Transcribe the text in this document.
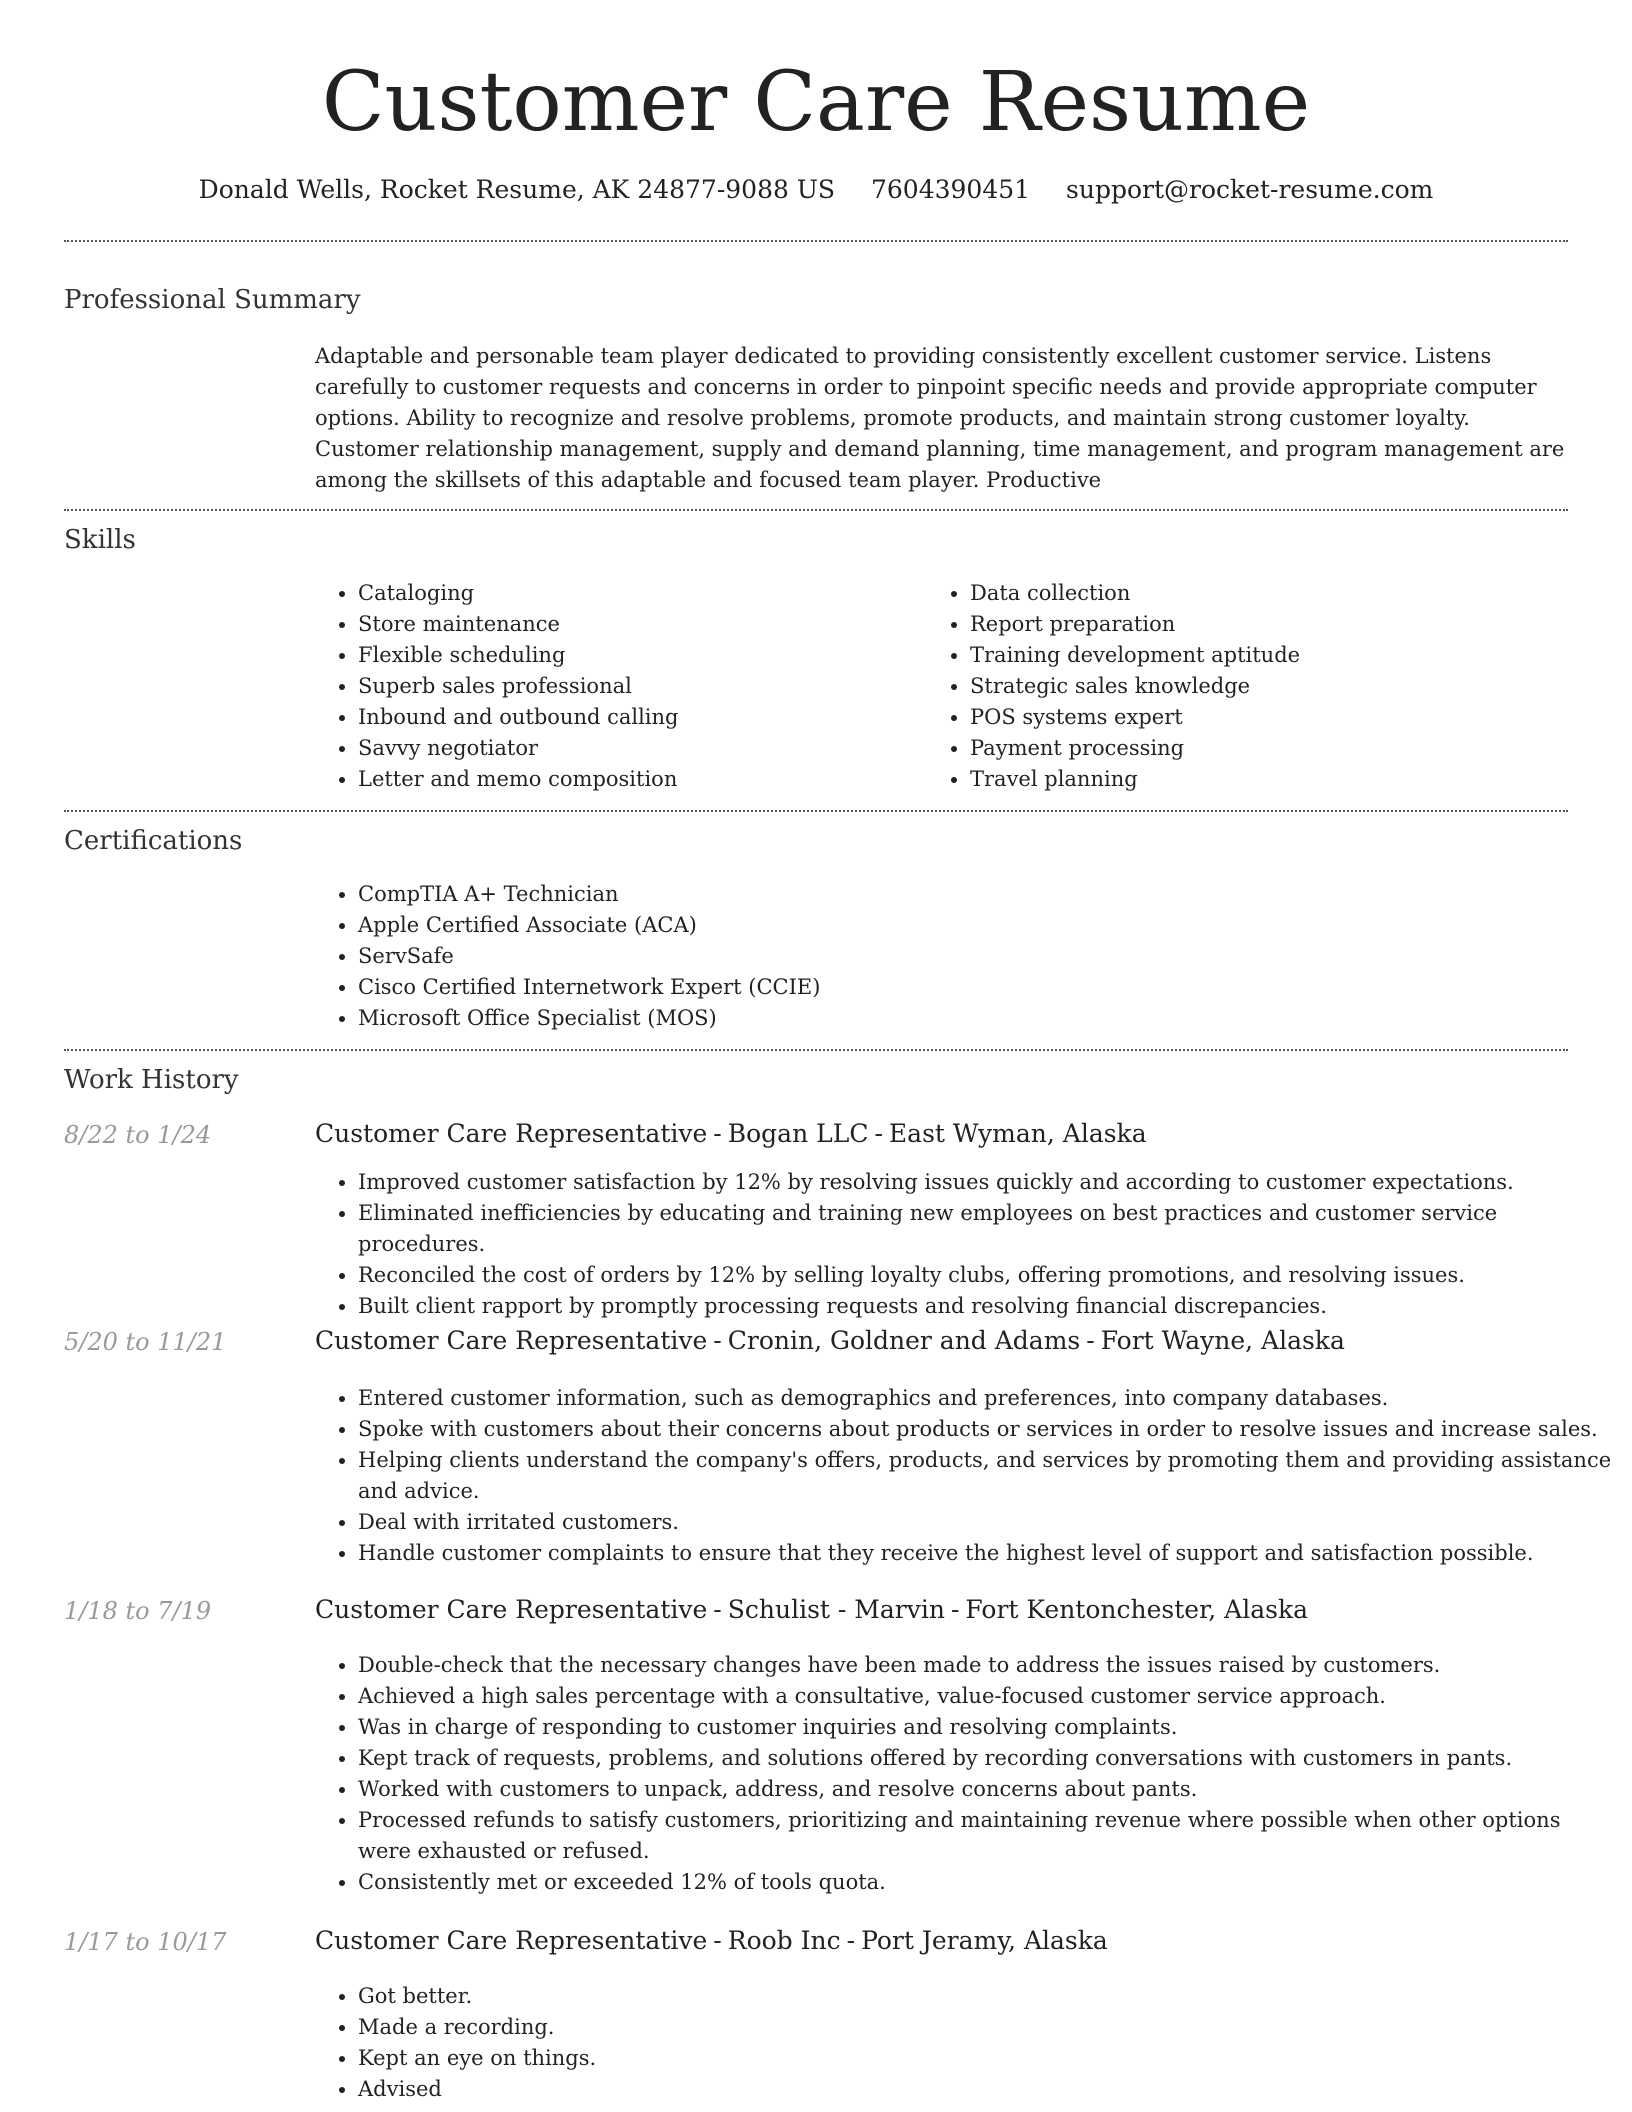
Customer Care Resume
Donald Wells, Rocket Resume, AK 24877-9088 US 7604390451 support@rocket-resume.com
Professional Summary

Adaptable and personable team player dedicated to providing consistently excellent customer service. Listens carefully to customer requests and concerns in order to pinpoint specific needs and provide appropriate computer options. Ability to recognize and resolve problems, promote products, and maintain strong customer loyalty. Customer relationship management, supply and demand planning, time management, and program management are among the skillsets of this adaptable and focused team player. Productive

Skills
• Cataloging
• Store maintenance
• Flexible scheduling
• Superb sales professional
• Inbound and outbound calling
• Savvy negotiator
• Letter and memo composition
• Data collection
• Report preparation
• Training development aptitude
• Strategic sales knowledge
• POS systems expert
• Payment processing
• Travel planning
Certifications
• CompTIA A+ Technician
• Apple Certified Associate (ACA)
• ServSafe
• Cisco Certified Internetwork Expert (CCIE)
• Microsoft Office Specialist (MOS)
Work History
8/22 to 1/24	Customer Care Representative - Bogan LLC - East Wyman, Alaska
• Improved customer satisfaction by 12% by resolving issues quickly and according to customer expectations.
• Eliminated inefficiencies by educating and training new employees on best practices and customer service procedures.
• Reconciled the cost of orders by 12% by selling loyalty clubs, offering promotions, and resolving issues.
• Built client rapport by promptly processing requests and resolving financial discrepancies.
5/20 to 11/21	Customer Care Representative - Cronin, Goldner and Adams - Fort Wayne, Alaska
• Entered customer information, such as demographics and preferences, into company databases.
• Spoke with customers about their concerns about products or services in order to resolve issues and increase sales.
• Helping clients understand the company's offers, products, and services by promoting them and providing assistance and advice.
• Deal with irritated customers.
• Handle customer complaints to ensure that they receive the highest level of support and satisfaction possible.
1/18 to 7/19	Customer Care Representative - Schulist - Marvin - Fort Kentonchester, Alaska
• Double-check that the necessary changes have been made to address the issues raised by customers.
• Achieved a high sales percentage with a consultative, value-focused customer service approach.
• Was in charge of responding to customer inquiries and resolving complaints.
• Kept track of requests, problems, and solutions offered by recording conversations with customers in pants.
• Worked with customers to unpack, address, and resolve concerns about pants.
• Processed refunds to satisfy customers, prioritizing and maintaining revenue where possible when other options were exhausted or refused.
• Consistently met or exceeded 12% of tools quota.
1/17 to 10/17	Customer Care Representative - Roob Inc - Port Jeramy, Alaska
• Got better.
• Made a recording.
• Kept an eye on things.
• Advised
